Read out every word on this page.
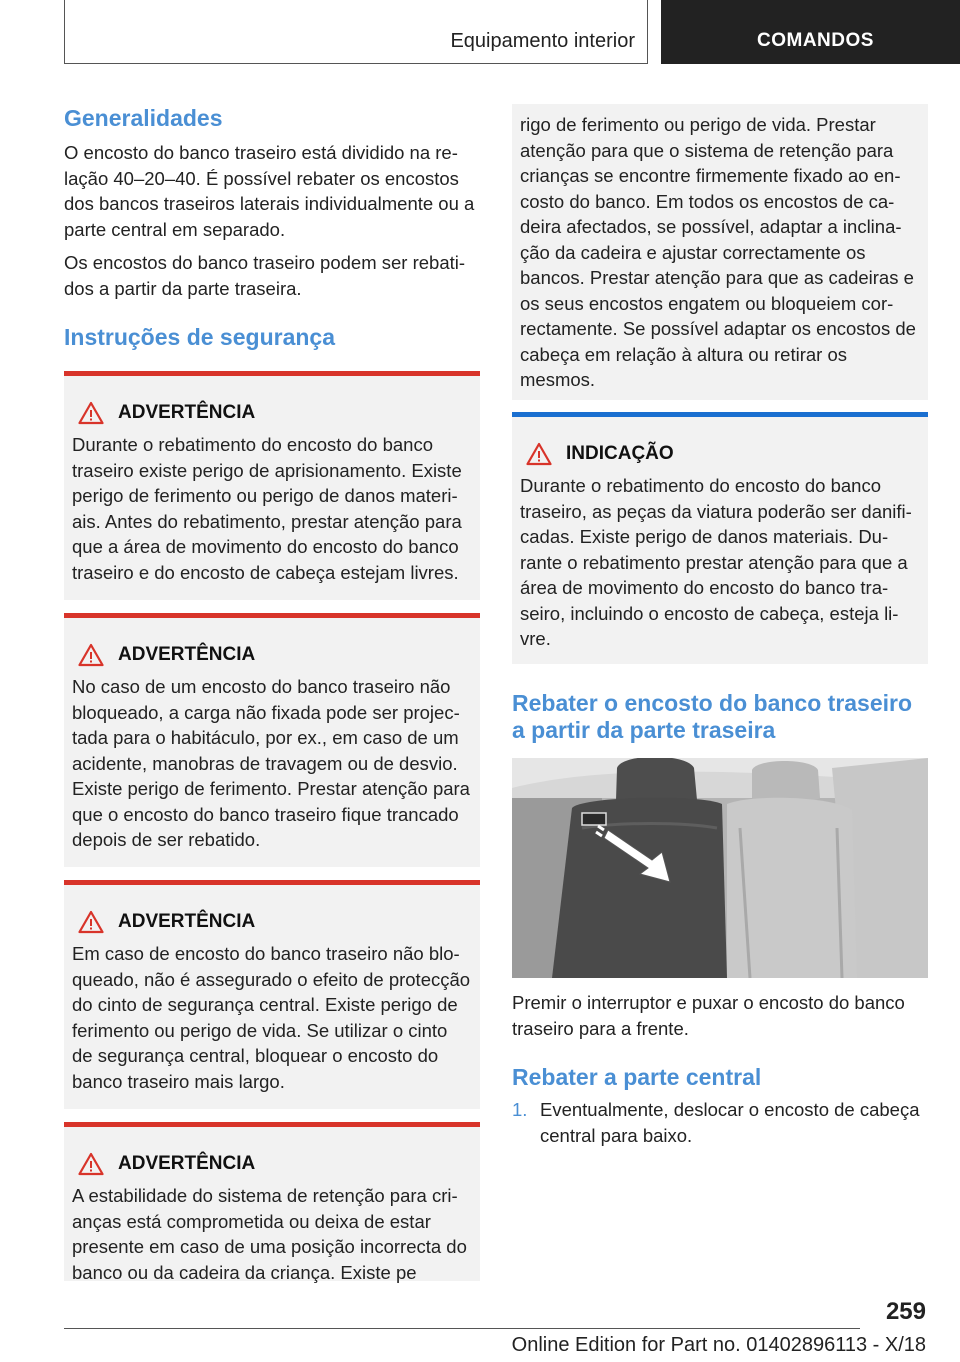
Equipamento interior	COMANDOS
Generalidades

O encosto do banco traseiro está dividido na relação 40–20–40. É possível rebater os encostos dos bancos traseiros laterais individualmente ou a parte central em separado.

Os encostos do banco traseiro podem ser rebatidos a partir da parte traseira.

Instruções de segurança
ADVERTÊNCIA

Durante o rebatimento do encosto do banco traseiro existe perigo de aprisionamento. Existe perigo de ferimento ou perigo de danos materiais. Antes do rebatimento, prestar atenção para que a área de movimento do encosto do banco traseiro e do encosto de cabeça estejam livres.

ADVERTÊNCIA

No caso de um encosto do banco traseiro não bloqueado, a carga não fixada pode ser projectada para o habitáculo, por ex., em caso de um acidente, manobras de travagem ou de desvio. Existe perigo de ferimento. Prestar atenção para que o encosto do banco traseiro fique trancado depois de ser rebatido.

ADVERTÊNCIA

Em caso de encosto do banco traseiro não bloqueado, não é assegurado o efeito de protecção do cinto de segurança central. Existe perigo de ferimento ou perigo de vida. Se utilizar o cinto de segurança central, bloquear o encosto do banco traseiro mais largo.

ADVERTÊNCIA

A estabilidade do sistema de retenção para crianças está comprometida ou deixa de estar presente em caso de uma posição incorrecta do banco ou da cadeira da criança. Existe pe

rigo de ferimento ou perigo de vida. Prestar atenção para que o sistema de retenção para crianças se encontre firmemente fixado ao encosto do banco. Em todos os encostos de cadeira afectados, se possível, adaptar a inclinação da cadeira e ajustar correctamente os bancos. Prestar atenção para que as cadeiras e os seus encostos engatem ou bloqueiem correctamente. Se possível adaptar os encostos de cabeça em relação à altura ou retirar os mesmos.

INDICAÇÃO

Durante o rebatimento do encosto do banco traseiro, as peças da viatura poderão ser danificadas. Existe perigo de danos materiais. Durante o rebatimento prestar atenção para que a área de movimento do encosto do banco traseiro, incluindo o encosto de cabeça, esteja livre.

Rebater o encosto do banco traseiro a partir da parte traseira

Premir o interruptor e puxar o encosto do banco traseiro para a frente.

Rebater a parte central
1. Eventualmente, deslocar o encosto de cabeça central para baixo.
259
Online Edition for Part no. 01402896113 - X/18
